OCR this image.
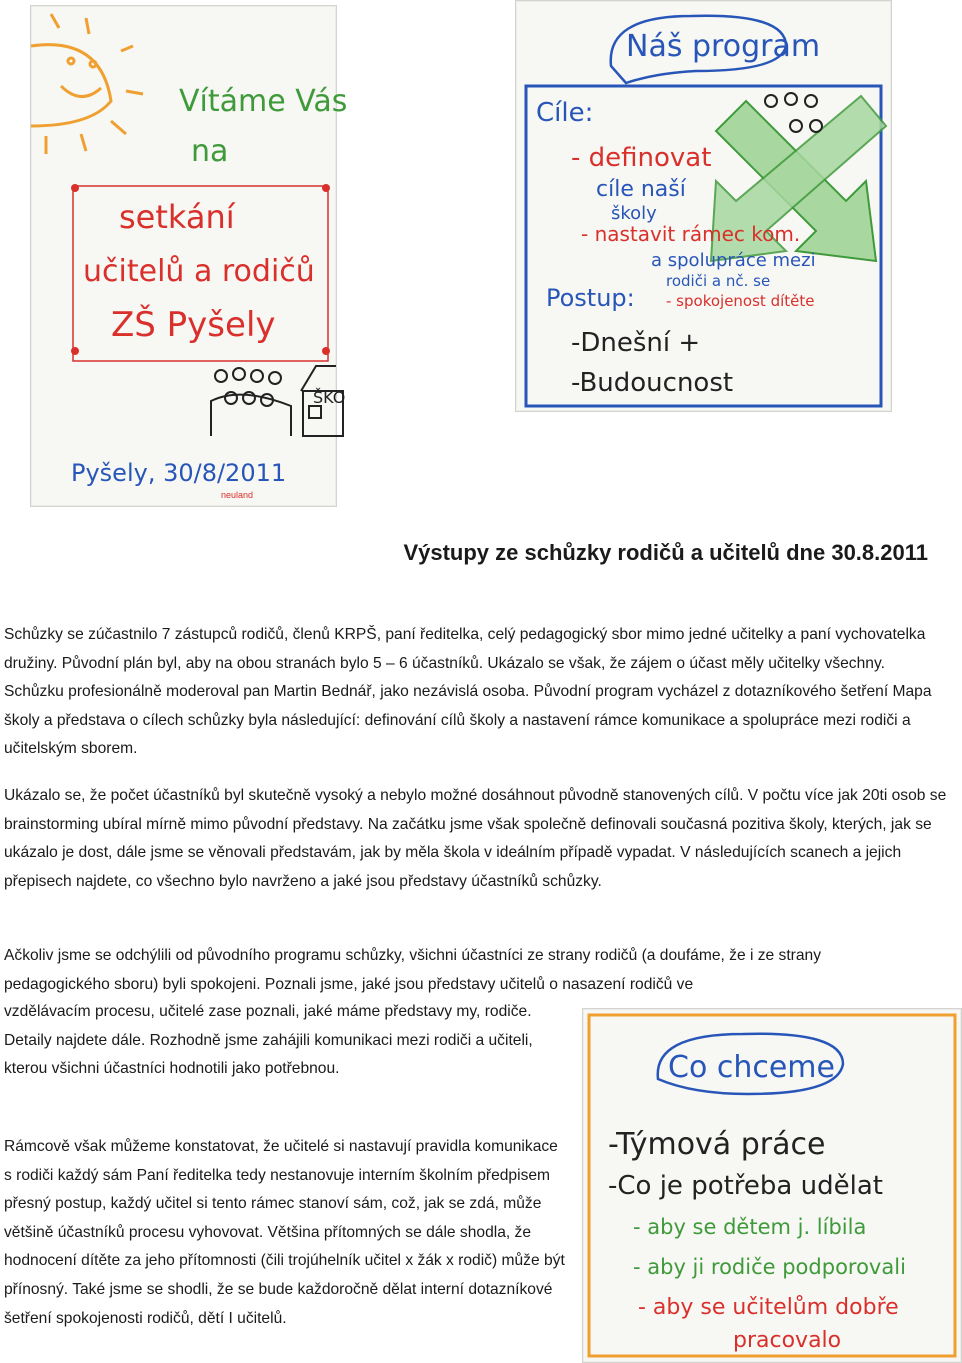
Vítáme Vás
na
setkání
učitelů a rodičů
ZŠ Pyšely
ŠKO
Pyšely, 30/8/2011
neuland
Náš program
Cíle:
- definovat
cíle naší
školy
- nastavit rámec kom.
a spolupráce mezi
rodiči a nč. se
- spokojenost dítěte
Postup:
-Dnešní +
-Budoucnost
Co chceme
-Týmová práce
-Co je potřeba udělat
- aby se dětem j. líbila
- aby ji rodiče podporovali
- aby se učitelům dobře
pracovalo
Výstupy ze schůzky rodičů a učitelů dne 30.8.2011

Schůzky se zúčastnilo 7 zástupců rodičů, členů KRPŠ, paní ředitelka, celý pedagogický sbor mimo jedné učitelky a paní vychovatelka družiny. Původní plán byl, aby na obou stranách bylo 5 – 6 účastníků. Ukázalo se však, že zájem o účast měly učitelky všechny. Schůzku profesionálně moderoval pan Martin Bednář, jako nezávislá osoba. Původní program vycházel z dotazníkového šetření Mapa školy a představa o cílech schůzky byla následující: definování cílů školy a nastavení rámce komunikace a spolupráce mezi rodiči a učitelským sborem.

Ukázalo se, že počet účastníků byl skutečně vysoký a nebylo možné dosáhnout původně stanovených cílů. V počtu více jak 20ti osob se brainstorming ubíral mírně mimo původní představy. Na začátku jsme však společně definovali současná pozitiva školy, kterých, jak se ukázalo je dost, dále jsme se věnovali představám, jak by měla škola v ideálním případě vypadat. V následujících scanech a jejich přepisech najdete, co všechno bylo navrženo a jaké jsou představy účastníků schůzky.

Ačkoliv jsme se odchýlili od původního programu schůzky, všichni účastníci ze strany rodičů (a doufáme, že i ze strany pedagogického sboru) byli spokojeni. Poznali jsme, jaké jsou představy učitelů o nasazení rodičů ve

vzdělávacím procesu, učitelé zase poznali, jaké máme představy my, rodiče. Detaily najdete dále. Rozhodně jsme zahájili komunikaci mezi rodiči a učiteli, kterou všichni účastníci hodnotili jako potřebnou.

Rámcově však můžeme konstatovat, že učitelé si nastavují pravidla komunikace s rodiči každý sám Paní ředitelka tedy nestanovuje interním školním předpisem přesný postup, každý učitel si tento rámec stanoví sám, což, jak se zdá, může většině účastníků procesu vyhovovat. Většina přítomných se dále shodla, že hodnocení dítěte za jeho přítomnosti (čili trojúhelník učitel x žák x rodič) může být přínosný. Také jsme se shodli, že se bude každoročně dělat interní dotazníkové šetření spokojenosti rodičů, dětí I učitelů.
